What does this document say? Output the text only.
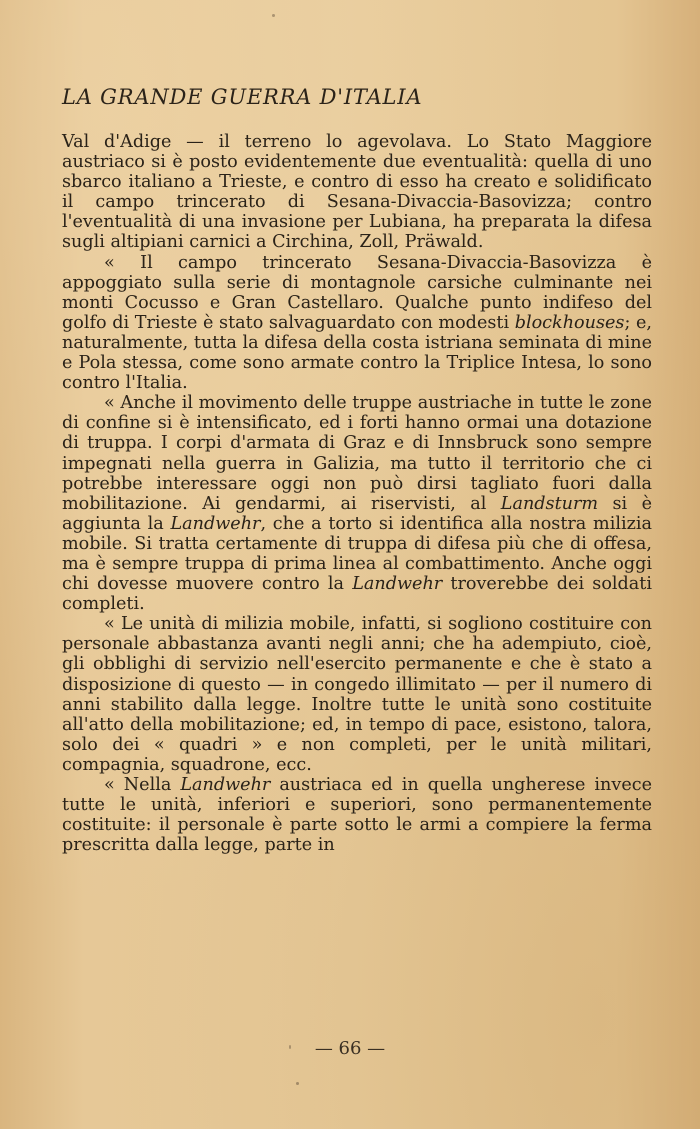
LA GRANDE GUERRA D'ITALIA

Val d'Adige — il terreno lo agevolava. Lo Stato Maggiore austriaco si è posto evidentemente due eventualità: quella di uno sbarco italiano a Trieste, e contro di esso ha creato e solidificato il campo trincerato di Sesana-Divaccia-Basovizza; contro l'eventualità di una invasione per Lubiana, ha preparata la difesa sugli altipiani carnici a Circhina, Zoll, Präwald.

« Il campo trincerato Sesana-Divaccia-Basovizza è appoggiato sulla serie di montagnole carsiche culminante nei monti Cocusso e Gran Castellaro. Qualche punto indifeso del golfo di Trieste è stato salvaguardato con modesti blockhouses; e, naturalmente, tutta la difesa della costa istriana seminata di mine e Pola stessa, come sono armate contro la Triplice Intesa, lo sono contro l'Italia.

« Anche il movimento delle truppe austriache in tutte le zone di confine si è intensificato, ed i forti hanno ormai una dotazione di truppa. I corpi d'armata di Graz e di Innsbruck sono sempre impegnati nella guerra in Galizia, ma tutto il territorio che ci potrebbe interessare oggi non può dirsi tagliato fuori dalla mobilitazione. Ai gendarmi, ai riservisti, al Landsturm si è aggiunta la Landwehr, che a torto si identifica alla nostra milizia mobile. Si tratta certamente di truppa di difesa più che di offesa, ma è sempre truppa di prima linea al combattimento. Anche oggi chi dovesse muovere contro la Landwehr troverebbe dei soldati completi.

« Le unità di milizia mobile, infatti, si sogliono costituire con personale abbastanza avanti negli anni; che ha adempiuto, cioè, gli obblighi di servizio nell'esercito permanente e che è stato a disposizione di questo — in congedo illimitato — per il numero di anni stabilito dalla legge. Inoltre tutte le unità sono costituite all'atto della mobilitazione; ed, in tempo di pace, esistono, talora, solo dei « quadri » e non completi, per le unità militari, compagnia, squadrone, ecc.

« Nella Landwehr austriaca ed in quella ungherese invece tutte le unità, inferiori e superiori, sono permanentemente costituite: il personale è parte sotto le armi a compiere la ferma prescritta dalla legge, parte in

— 66 —
